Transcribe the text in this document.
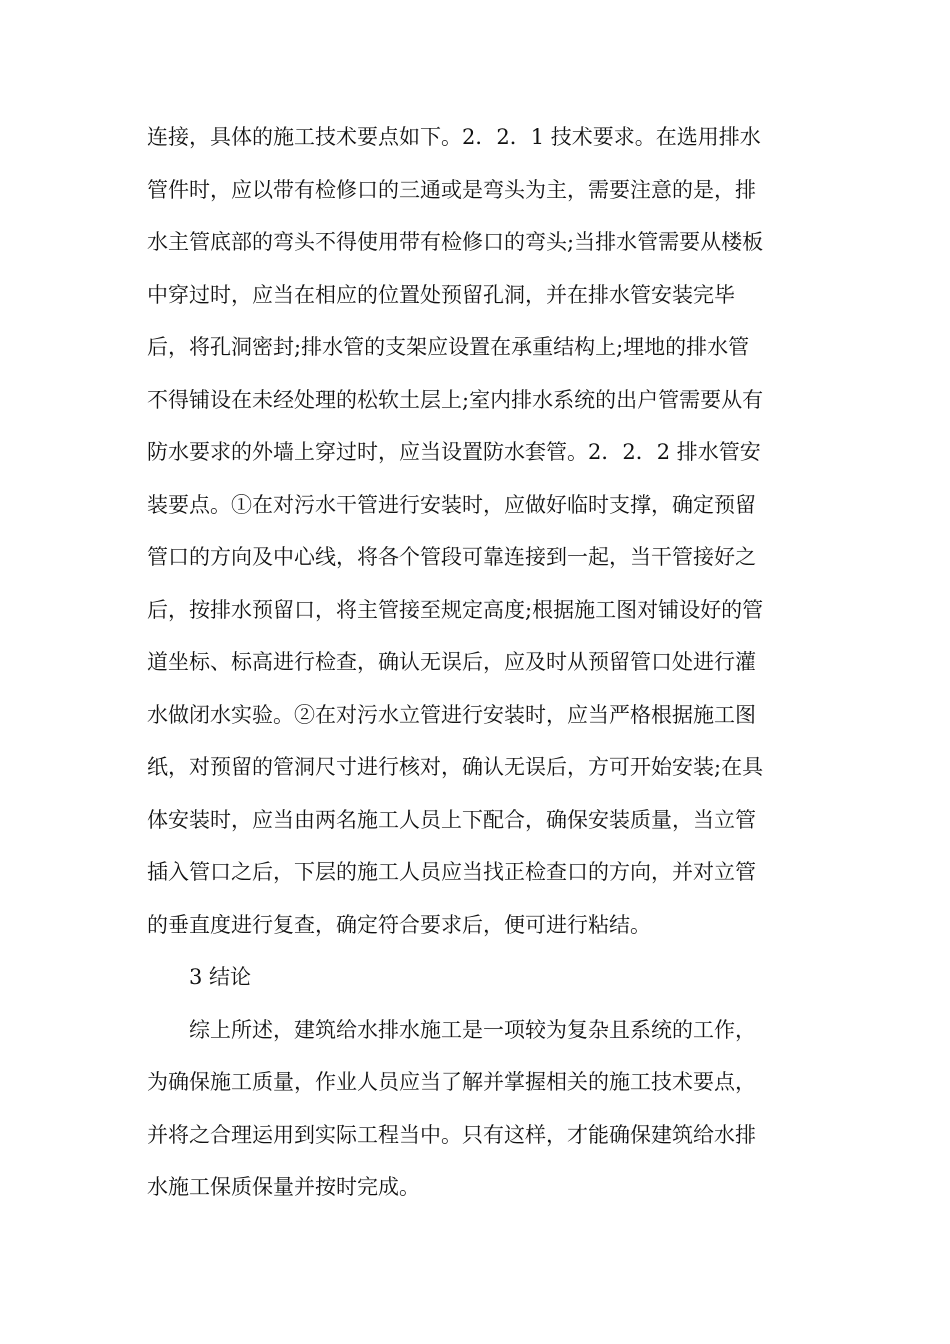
连接，具体的施工技术要点如下。2．2．1 技术要求。在选用排水
管件时，应以带有检修口的三通或是弯头为主，需要注意的是，排
水主管底部的弯头不得使用带有检修口的弯头;当排水管需要从楼板
中穿过时，应当在相应的位置处预留孔洞，并在排水管安装完毕
后，将孔洞密封;排水管的支架应设置在承重结构上;埋地的排水管
不得铺设在未经处理的松软土层上;室内排水系统的出户管需要从有
防水要求的外墙上穿过时，应当设置防水套管。2．2．2 排水管安
装要点。①在对污水干管进行安装时，应做好临时支撑，确定预留
管口的方向及中心线，将各个管段可靠连接到一起，当干管接好之
后，按排水预留口，将主管接至规定高度;根据施工图对铺设好的管
道坐标、标高进行检查，确认无误后，应及时从预留管口处进行灌
水做闭水实验。②在对污水立管进行安装时，应当严格根据施工图
纸，对预留的管洞尺寸进行核对，确认无误后，方可开始安装;在具
体安装时，应当由两名施工人员上下配合，确保安装质量，当立管
插入管口之后，下层的施工人员应当找正检查口的方向，并对立管
的垂直度进行复查，确定符合要求后，便可进行粘结。
3 结论
综上所述，建筑给水排水施工是一项较为复杂且系统的工作，
为确保施工质量，作业人员应当了解并掌握相关的施工技术要点，
并将之合理运用到实际工程当中。只有这样，才能确保建筑给水排
水施工保质保量并按时完成。
